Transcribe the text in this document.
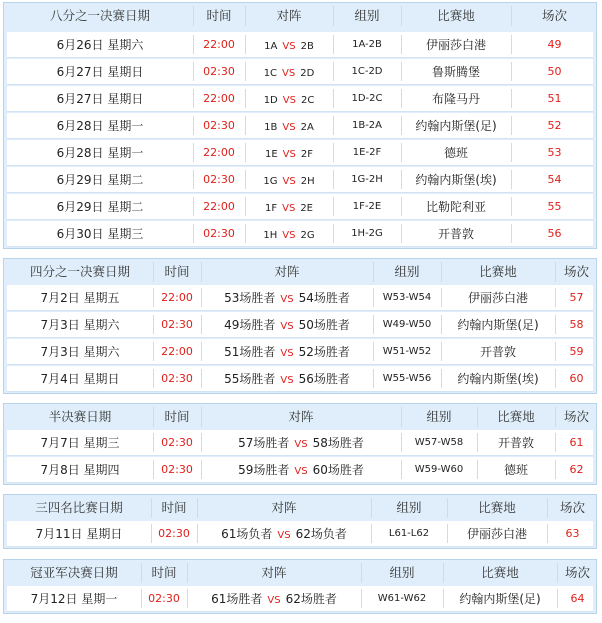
八分之一决赛日期	时间	对阵	组别	比赛地	场次
6月26日 星期六	22:00	1A VS 2B	1A-2B	伊丽莎白港	49
6月27日 星期日	02:30	1C VS 2D	1C-2D	鲁斯腾堡	50
6月27日 星期日	22:00	1D VS 2C	1D-2C	布隆马丹	51
6月28日 星期一	02:30	1B VS 2A	1B-2A	约翰内斯堡(足)	52
6月28日 星期一	22:00	1E VS 2F	1E-2F	德班	53
6月29日 星期二	02:30	1G VS 2H	1G-2H	约翰内斯堡(埃)	54
6月29日 星期二	22:00	1F VS 2E	1F-2E	比勒陀利亚	55
6月30日 星期三	02:30	1H VS 2G	1H-2G	开普敦	56
四分之一决赛日期	时间	对阵	组别	比赛地	场次
7月2日 星期五	22:00	53场胜者 VS 54场胜者	W53-W54	伊丽莎白港	57
7月3日 星期六	02:30	49场胜者 VS 50场胜者	W49-W50	约翰内斯堡(足)	58
7月3日 星期六	22:00	51场胜者 VS 52场胜者	W51-W52	开普敦	59
7月4日 星期日	02:30	55场胜者 VS 56场胜者	W55-W56	约翰内斯堡(埃)	60
半决赛日期	时间	对阵	组别	比赛地	场次
7月7日 星期三	02:30	57场胜者 VS 58场胜者	W57-W58	开普敦	61
7月8日 星期四	02:30	59场胜者 VS 60场胜者	W59-W60	德班	62
三四名比赛日期	时间	对阵	组别	比赛地	场次
7月11日 星期日	02:30	61场负者 VS 62场负者	L61-L62	伊丽莎白港	63
冠亚军决赛日期	时间	对阵	组别	比赛地	场次
7月12日 星期一	02:30	61场胜者 VS 62场胜者	W61-W62	约翰内斯堡(足)	64
